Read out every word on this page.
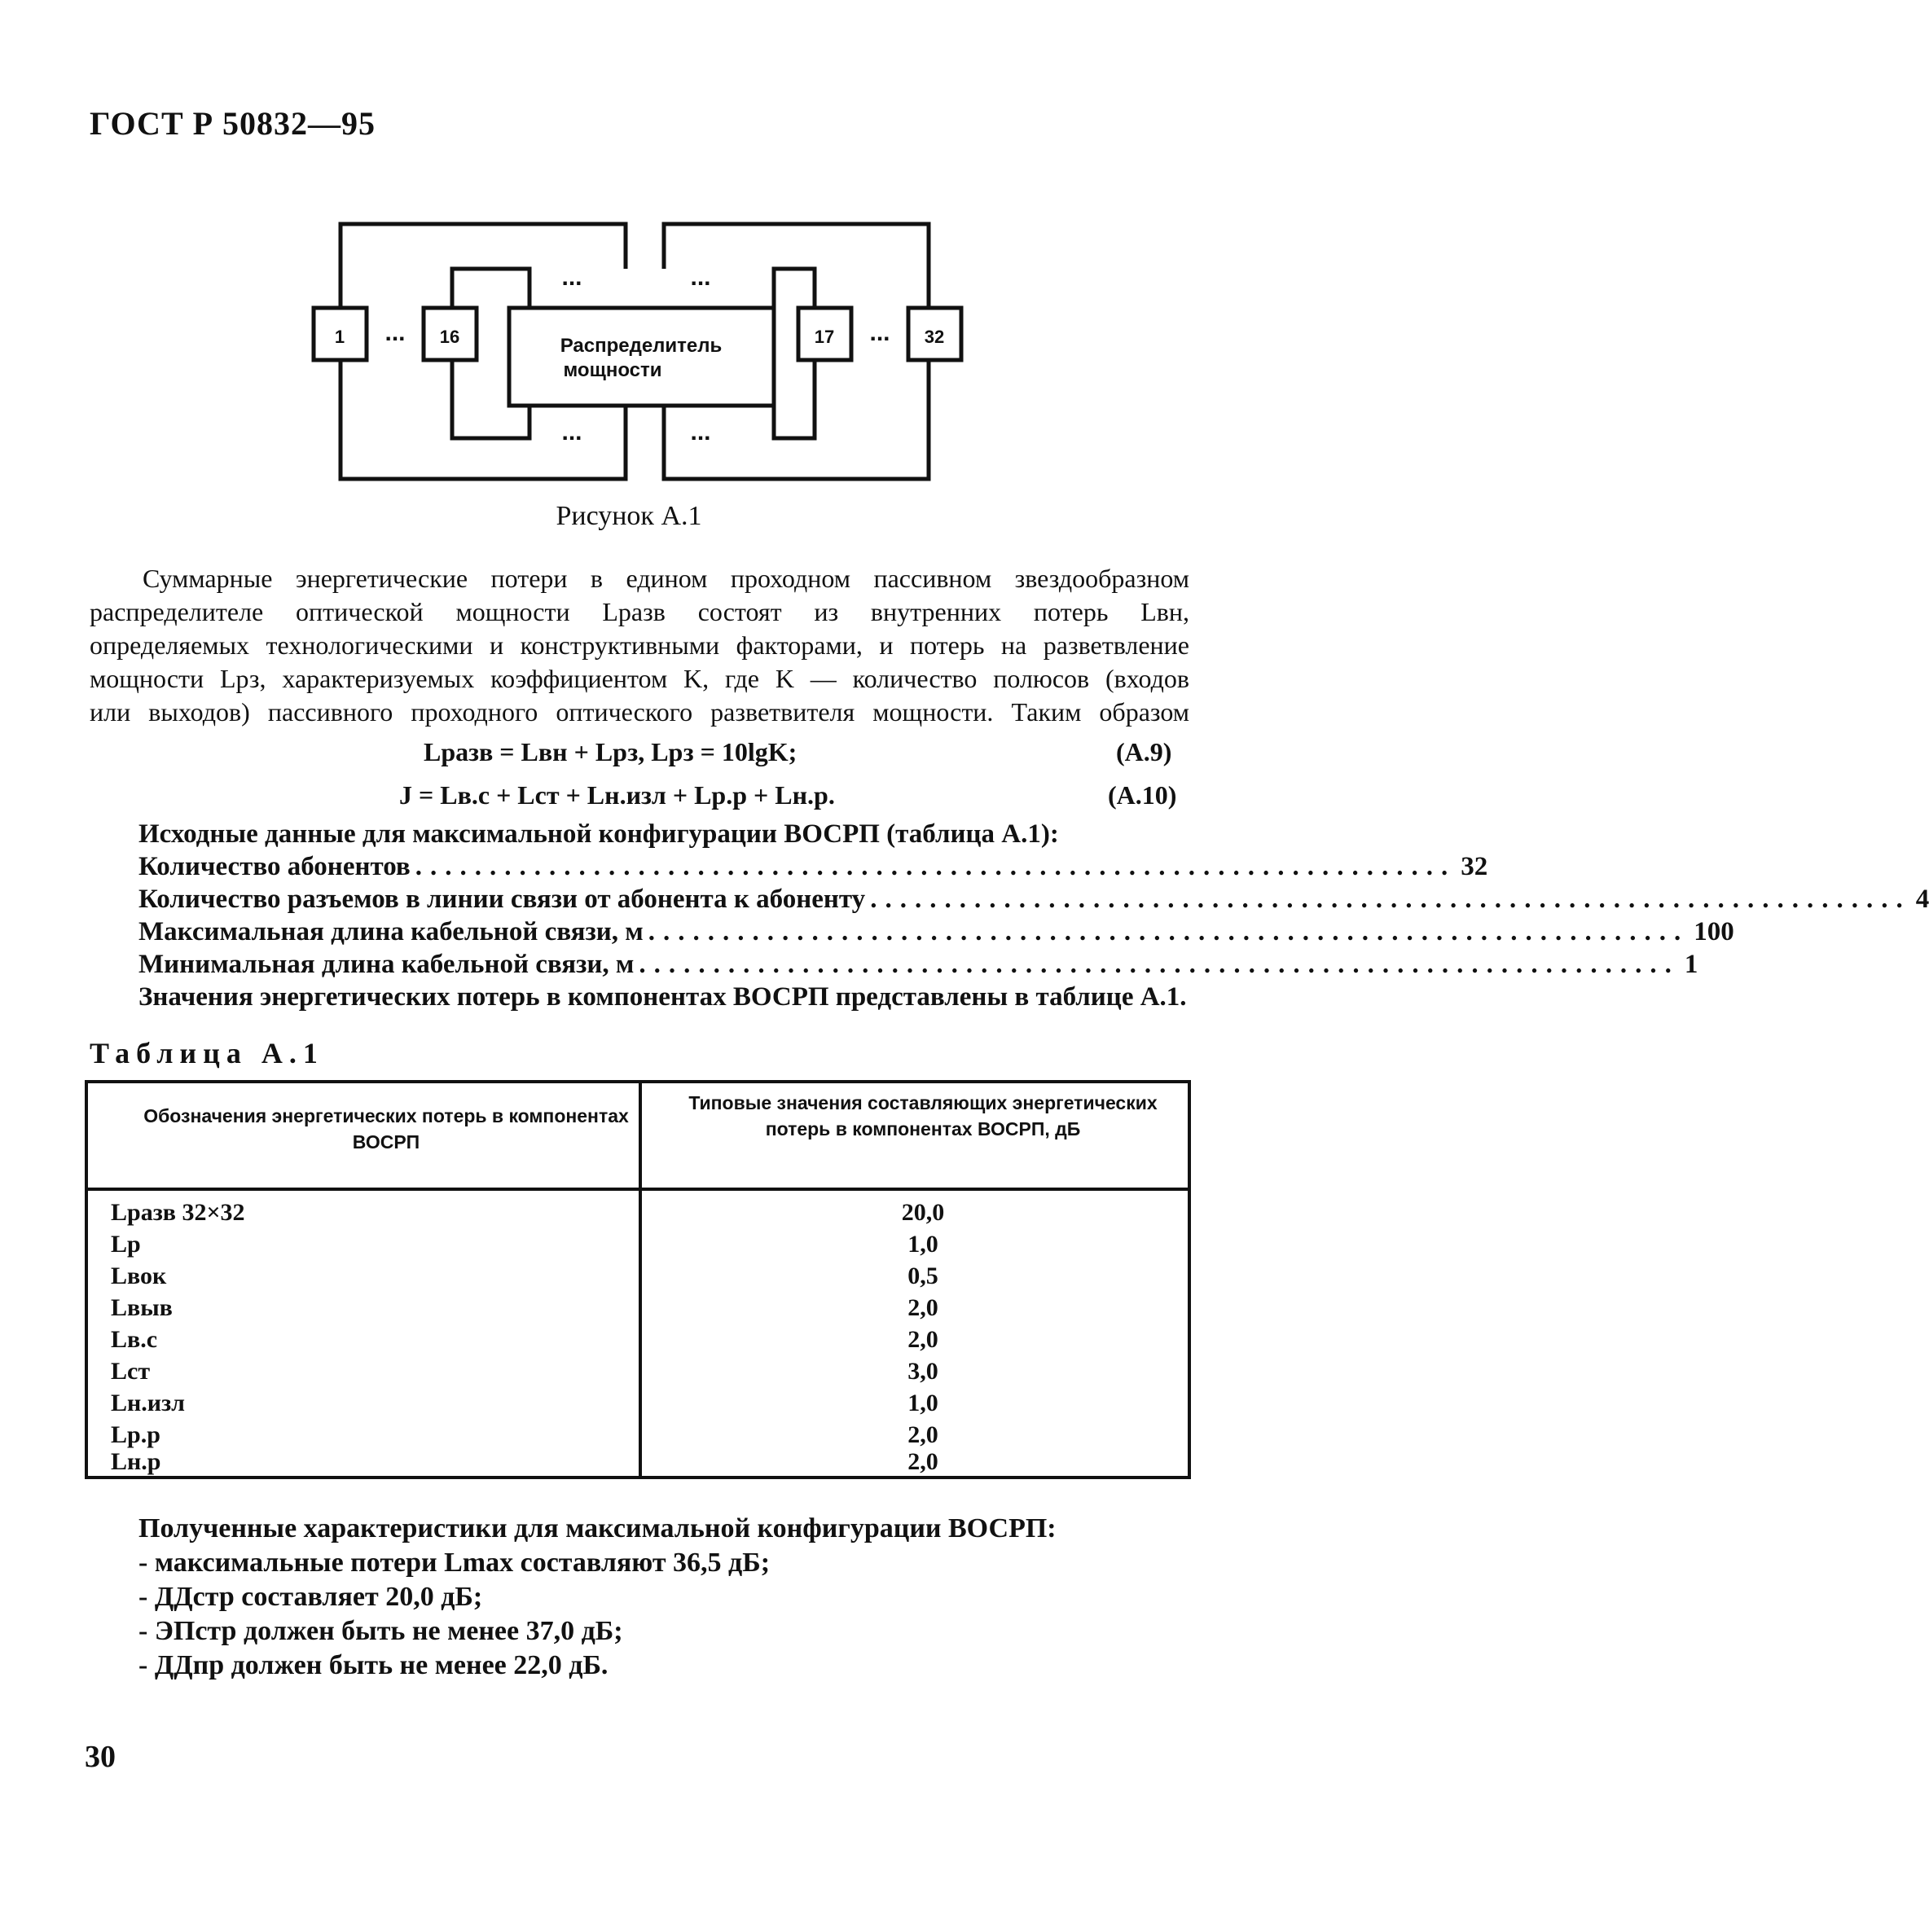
ГОСТ Р 50832—95
1	16	17	32
Распределитель
мощности
...	...
...	...
...	...
Рисунок А.1

Суммарные энергетические потери в едином проходном пассивном звездообразном

распределителе оптической мощности Lразв состоят из внутренних потерь Lвн,

определяемых технологическими и конструктивными факторами, и потерь на разветвление

мощности Lрз, характеризуемых коэффициентом K, где K — количество полюсов (входов

или выходов) пассивного проходного оптического разветвителя мощности. Таким образом

Lразв = Lвн + Lрз, Lрз = 10lgK;	(А.9)
J = Lв.с + Lст + Lн.изл + Lр.р + Lн.р.	(А.10)
Исходные данные для максимальной конфигурации ВОСРП (таблица А.1):
Количество абонентов ...................................................................... 32
Количество разъемов в линии связи от абонента к абоненту ...................................................................... 4
Максимальная длина кабельной связи, м ...................................................................... 100
Минимальная длина кабельной связи, м ...................................................................... 1
Значения энергетических потерь в компонентах ВОСРП представлены в таблице А.1.
Таблица А.1
Обозначения энергетических потерь в компонентах ВОСРП
Типовые значения составляющих энергетических потерь в компонентах ВОСРП, дБ
Lразв 32×32	20,0
Lр	1,0
Lвок	0,5
Lвыв	2,0
Lв.с	2,0
Lст	3,0
Lн.изл	1,0
Lр.р	2,0
Lн.р	2,0
Полученные характеристики для максимальной конфигурации ВОСРП:
- максимальные потери Lmax составляют 36,5 дБ;
- ДДстр составляет 20,0 дБ;
- ЭПстр должен быть не менее 37,0 дБ;
- ДДпр должен быть не менее 22,0 дБ.
30
